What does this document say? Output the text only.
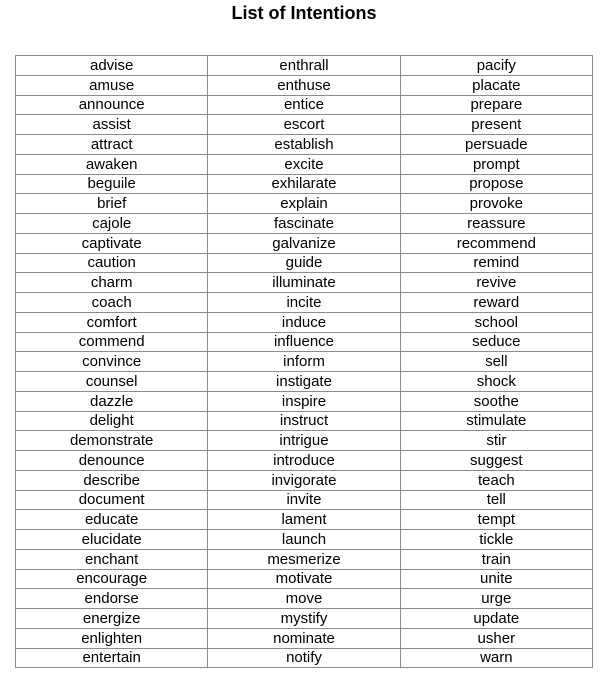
List of Intentions
advise	enthrall	pacify
amuse	enthuse	placate
announce	entice	prepare
assist	escort	present
attract	establish	persuade
awaken	excite	prompt
beguile	exhilarate	propose
brief	explain	provoke
cajole	fascinate	reassure
captivate	galvanize	recommend
caution	guide	remind
charm	illuminate	revive
coach	incite	reward
comfort	induce	school
commend	influence	seduce
convince	inform	sell
counsel	instigate	shock
dazzle	inspire	soothe
delight	instruct	stimulate
demonstrate	intrigue	stir
denounce	introduce	suggest
describe	invigorate	teach
document	invite	tell
educate	lament	tempt
elucidate	launch	tickle
enchant	mesmerize	train
encourage	motivate	unite
endorse	move	urge
energize	mystify	update
enlighten	nominate	usher
entertain	notify	warn
